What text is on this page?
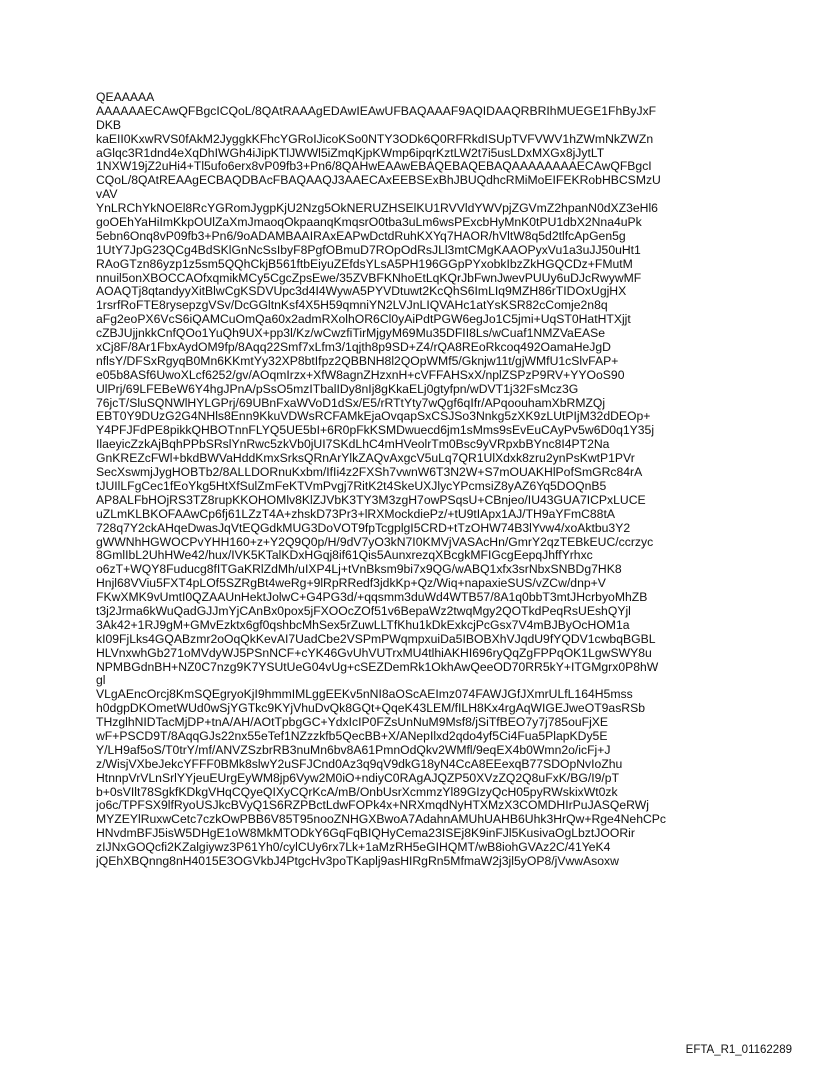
QEAAAAA
AAAAAAECAwQFBgcICQoL/8QAtRAAAgEDAwIEAwUFBAQAAAF9AQIDAAQRBRIhMUEGE1FhByJxF
DKB
kaEII0KxwRVS0fAkM2JyggkKFhcYGRoIJicoKSo0NTY3ODk6Q0RFRkdISUpTVFVWV1hZWmNkZWZn
aGlqc3R1dnd4eXqDhIWGh4iJipKTlJWWl5iZmqKjpKWmp6ipqrKztLW2t7i5usLDxMXGx8jJytLT
1NXW19jZ2uHi4+Tl5ufo6erx8vP09fb3+Pn6/8QAHwEAAwEBAQEBAQEBAQAAAAAAAAECAwQFBgcI
CQoL/8QAtREAAgECBAQDBAcFBAQAAQJ3AAECAxEEBSExBhJBUQdhcRMiMoEIFEKRobHBCSMzU
vAV
YnLRChYkNOEl8RcYGRomJygpKjU2Nzg5OkNERUZHSElKU1RVVldYWVpjZGVmZ2hpanN0dXZ3eHl6
goOEhYaHiImKkpOUlZaXmJmaoqOkpaanqKmqsrO0tba3uLm6wsPExcbHyMnK0tPU1dbX2Nna4uPk
5ebn6Onq8vP09fb3+Pn6/9oADAMBAAIRAxEAPwDctdRuhKXYq7HAOR/hVltW8q5d2tlfcApGen5g
1UtY7JpG23QCg4BdSKlGnNcSsIbyF8PgfOBmuD7ROpOdRsJLl3mtCMgKAAOPyxVu1a3uJJ50uHt1
RAoGTzn86yzp1z5sm5QQhCkjB561ftbEiyuZEfdsYLsA5PH196GGpPYxobkIbzZkHGQCDz+FMutM
nnuil5onXBOCCAOfxqmikMCy5CgcZpsEwe/35ZVBFKNhoEtLqKQrJbFwnJwevPUUy6uDJcRwywMF
AOAQTj8qtandyyXitBlwCgKSDVUpc3d4I4WywA5PYVDtuwt2KcQhS6ImLIq9MZH86rTIDOxUgjHX
1rsrfRoFTE8rysepzgVSv/DcGGltnKsf4X5H59qmniYN2LVJnLIQVAHc1atYsKSR82cComje2n8q
aFg2eoPX6VcS6iQAMCuOmQa60x2admRXolhOR6Cl0yAiPdtPGW6egJo1C5jmi+UqST0HatHTXjjt
cZBJUjjnkkCnfQOo1YuQh9UX+pp3l/Kz/wCwzfiTirMjgyM69Mu35DFII8Ls/wCuaf1NMZVaEASe
xCj8F/8Ar1FbxAydOM9fp/8Aqq22Smf7xLfm3/1qjth8p9SD+Z4/rQA8REoRkcoq492OamaHeJgD
nflsY/DFSxRgyqB0Mn6KKmtYy32XP8btIfpz2QBBNH8l2QOpWMf5/Gknjw11t/gjWMfU1cSlvFAP+
e05b8ASf6UwoXLcf6252/gv/AOqmIrzx+XfW8agnZHzxnH+cVFFAHSxX/nplZSPzP9RV+YYOoS90
UlPrj/69LFEBeW6Y4hgJPnA/pSsO5mzITbalIDy8nIj8gKkaELj0gtyfpn/wDVT1j32FsMcz3G
76jcT/SluSQNWlHYLGPrj/69UBnFxaWVoD1dSx/E5/rRTtYty7wQgf6qIfr/APqoouhamXbRMZQj
EBT0Y9DUzG2G4NHls8Enn9KkuVDWsRCFAMkEjaOvqapSxCSJSo3Nnkg5zXK9zLUtPIjM32dDEOp+
Y4PFJFdPE8pikkQHBOTnnFLYQ5UE5bI+6R0pFkKSMDwuecd6jm1sMms9sEvEuCAyPv5w6D0q1Y35j
IlaeyicZzkAjBqhPPbSRslYnRwc5zkVb0jUI7SKdLhC4mHVeolrTm0Bsc9yVRpxbBYnc8I4PT2Na
GnKREZcFWl+bkdBWVaHddKmxSrksQRnArYlkZAQvAxgcV5uLq7QR1UlXdxk8zru2ynPsKwtP1PVr
SecXswmjJygHOBTb2/8ALLDORnuKxbm/IfIi4z2FXSh7vwnW6T3N2W+S7mOUAKHlPofSmGRc84rA
tJUIlLFgCec1fEoYkg5HtXfSulZmFeKTVmPvgj7RitK2t4SkeUXJlycYPcmsiZ8yAZ6Yq5DOQnB5
AP8ALFbHOjRS3TZ8rupKKOHOMlv8KlZJVbK3TY3M3zgH7owPSqsU+CBnjeo/IU43GUA7ICPxLUCE
uZLmKLBKOFAAwCp6fj61LZzT4A+zhskD73Pr3+lRXMockdiePz/+tU9tIApx1AJ/TH9aYFmC88tA
728q7Y2ckAHqeDwasJqVtEQGdkMUG3DoVOT9fpTcgplgI5CRD+tTzOHW74B3lYvw4/xoAktbu3Y2
gWWNhHGWOCPvYHH160+z+Y2Q9Q0p/H/9dV7yO3kN7I0KMVjVASAcHn/GmrY2qzTEBkEUC/ccrzyc
8GmlIbL2UhHWe42/hux/IVK5KTalKDxHGqj8if61Qis5AunxrezqXBcgkMFIGcgEepqJhffYrhxc
o6zT+WQY8Fuducg8fITGaKRlZdMh/uIXP4Lj+tVnBksm9bi7x9QG/wABQ1xfx3srNbxSNBDg7HK8
Hnjl68VViu5FXT4pLOf5SZRgBt4weRg+9lRpRRedf3jdkKp+Qz/Wiq+napaxieSUS/vZCw/dnp+V
FKwXMK9vUmtI0QZAAUnHektJolwC+G4PG3d/+qqsmm3duWd4WTB57/8A1q0bbT3mtJHcrbyoMhZB
t3j2Jrma6kWuQadGJJmYjCAnBx0pox5jFXOOcZOf51v6BepaWz2twqMgy2QOTkdPeqRsUEshQYjl
3Ak42+1RJ9gM+GMvEzktx6gf0qshbcMhSex5rZuwLLTfKhu1kDkExkcjPcGsx7V4mBJByOcHOM1a
kI09FjLks4GQABzmr2oOqQkKevAI7UadCbe2VSPmPWqmpxuiDa5IBOBXhVJqdU9fYQDV1cwbqBGBL
HLVnxwhGb271oMVdyWJ5PSnNCF+cYK46GvUhVUTrxMU4tlhiAKHI696ryQqZgFPPqOK1LgwSWY8u
NPMBGdnBH+NZ0C7nzg9K7YSUtUeG04vUg+cSEZDemRk1OkhAwQeeOD70RR5kY+ITGMgrx0P8hW
gl
VLgAEncOrcj8KmSQEgryoKjI9hmmIMLggEEKv5nNI8aOScAEImz074FAWJGfJXmrULfL164H5mss
h0dgpDKOmetWUd0wSjYGTkc9KYjVhuDvQk8GQt+QqeK43LEM/fILH8Kx4rgAqWIGEJweOT9asRSb
THzglhNIDTacMjDP+tnA/AH/AOtTpbgGC+YdxIcIP0FZsUnNuM9Msf8/jSiTfBEO7y7j785ouFjXE
wF+PSCD9T/8AqqGJs22nx55eTef1NZzzkfb5QecBB+X/ANepIlxd2qdo4yf5Ci4Fua5PlapKDy5E
Y/LH9af5oS/T0trY/mf/ANVZSzbrRB3nuMn6bv8A61PmnOdQkv2WMfl/9eqEX4b0Wmn2o/icFj+J
z/WisjVXbeJekcYFFF0BMk8slwY2uSFJCnd0Az3q9qV9dkG18yN4CcA8EEexqB77SDOpNvIoZhu
HtnnpVrVLnSrlYYjeuEUrgEyWM8jp6Vyw2M0iO+ndiyC0RAgAJQZP50XVzZQ2Q8uFxK/BG/I9/pT
b+0sVIlt78SgkfKDkgVHqCQyeQIXyCQrKcA/mB/OnbUsrXcmmzYl89GIzyQcH05pyRWskixWt0zk
jo6c/TPFSX9lfRyoUSJkcBVyQ1S6RZPBctLdwFOPk4x+NRXmqdNyHTXMzX3COMDHIrPuJASQeRWj
MYZEYlRuxwCetc7czkOwPBB6V85T95nooZNHGXBwoA7AdahnAMUhUAHB6Uhk3HrQw+Rge4NehCPc
HNvdmBFJ5isW5DHgE1oW8MkMTODkY6GqFqBIQHyCema23ISEj8K9inFJl5KusivaOgLbztJOORir
zIJNxGOQcfi2KZalgiywz3P61Yh0/cylCUy6rx7Lk+1aMzRH5eGIHQMT/wB8iohGVAz2C/41YeK4
jQEhXBQnng8nH4015E3OGVkbJ4PtgcHv3poTKaplj9asHIRgRn5MfmaW2j3jl5yOP8/jVwwAsoxw
EFTA_R1_01162289
